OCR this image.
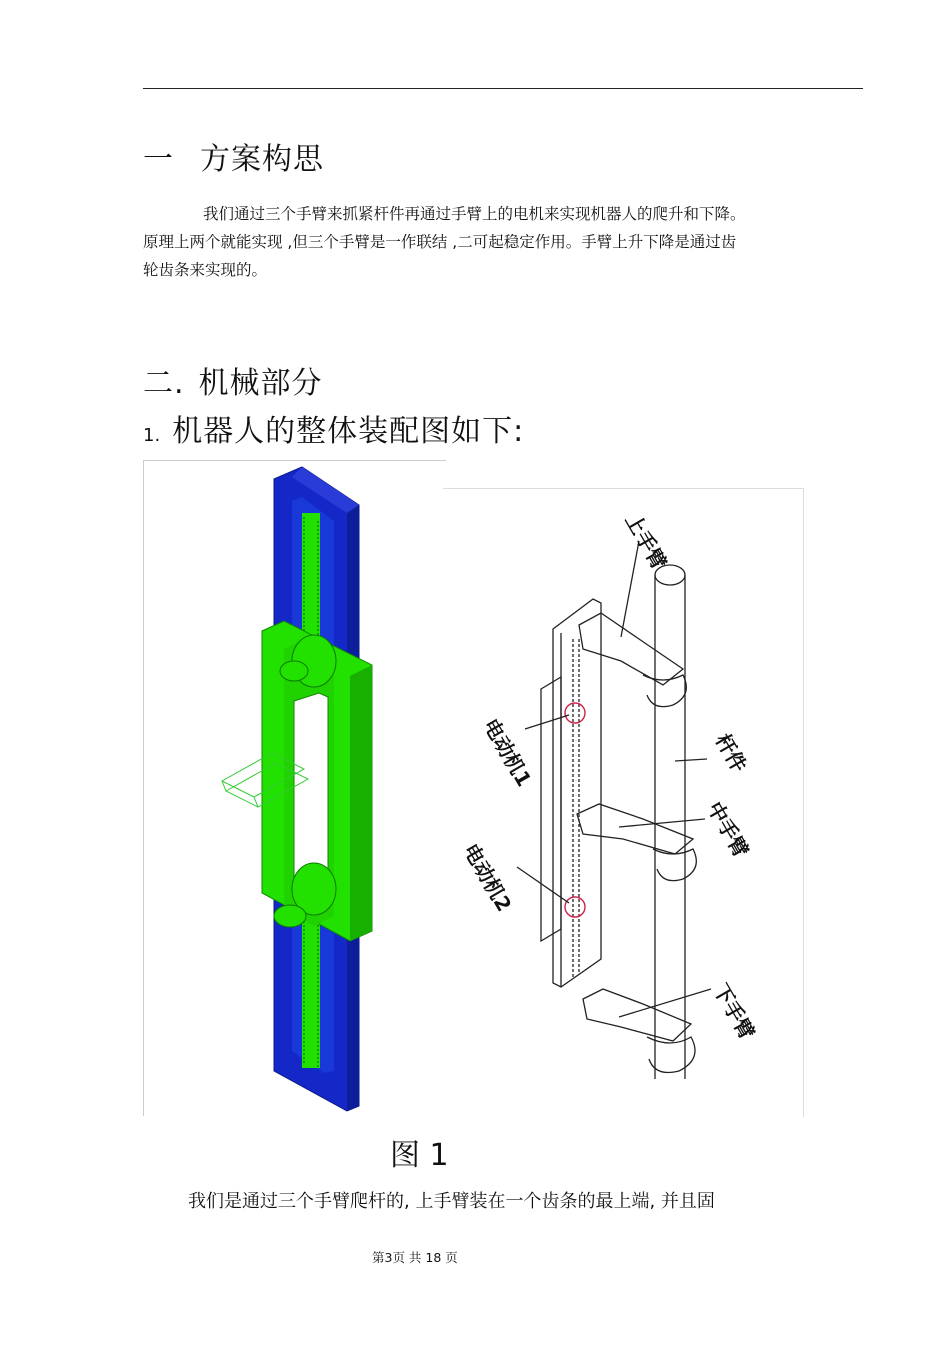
一 方案构思

我们通过三个手臂来抓紧杆件再通过手臂上的电机来实现机器人的爬升和下降。

原理上两个就能实现 ,但三个手臂是一作联结 ,二可起稳定作用。手臂上升下降是通过齿

轮齿条来实现的。

二. 机械部分
1. 机器人的整体装配图如下:
上手臂
电动机1	杆件
中手臂
电动机2
下手臂
图 1
我们是通过三个手臂爬杆的, 上手臂装在一个齿条的最上端, 并且固
第3页 共 18 页
